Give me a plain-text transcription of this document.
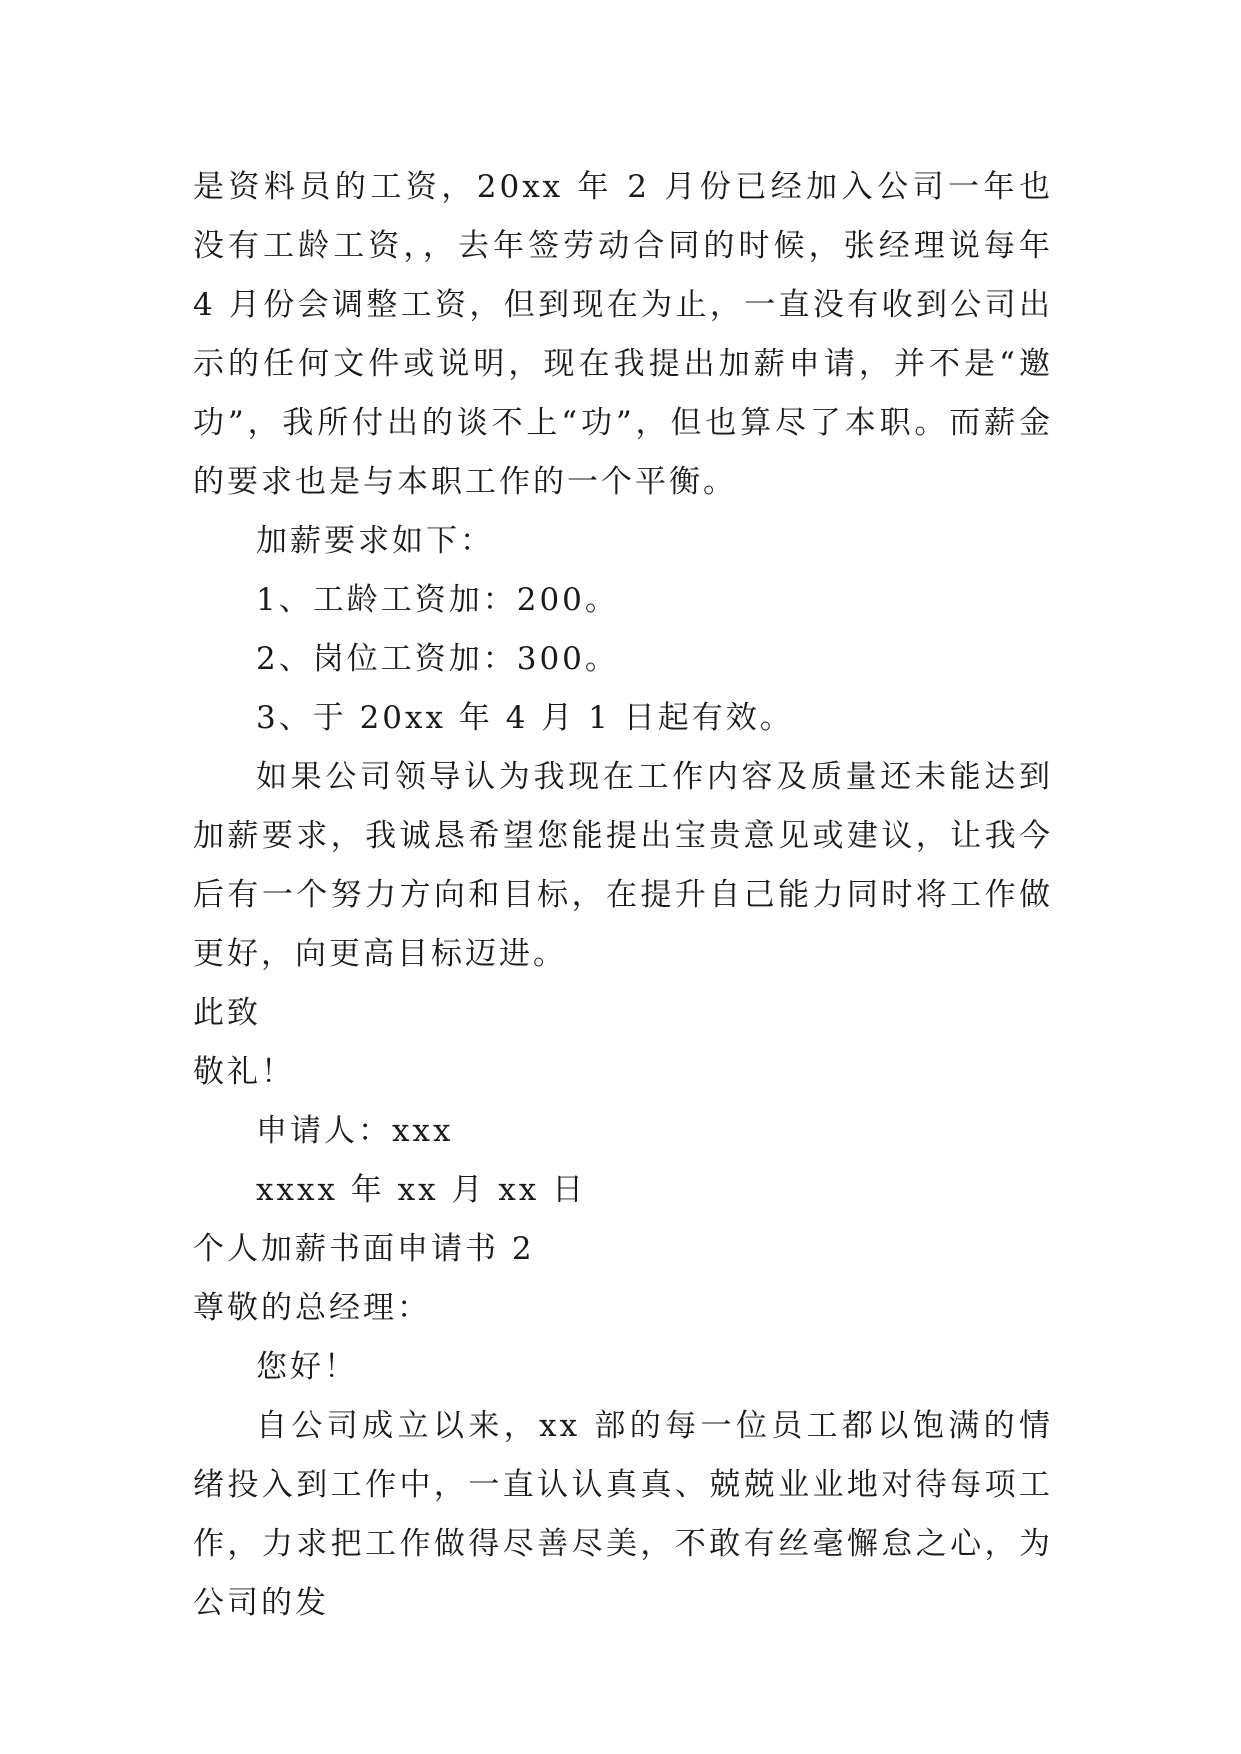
是资料员的工资，20xx 年 2 月份已经加入公司一年也没有工龄工资，，去年签劳动合同的时候，张经理说每年 4 月份会调整工资，但到现在为止，一直没有收到公司出示的任何文件或说明，现在我提出加薪申请，并不是“邀功”，我所付出的谈不上“功”，但也算尽了本职。而薪金的要求也是与本职工作的一个平衡。

加薪要求如下：

1、工龄工资加：200。

2、岗位工资加：300。

3、于 20xx 年 4 月 1 日起有效。

如果公司领导认为我现在工作内容及质量还未能达到加薪要求，我诚恳希望您能提出宝贵意见或建议，让我今后有一个努力方向和目标，在提升自己能力同时将工作做更好，向更高目标迈进。

此致

敬礼！

申请人：xxx

xxxx 年 xx 月 xx 日

个人加薪书面申请书 2

尊敬的总经理：

您好！

自公司成立以来，xx 部的每一位员工都以饱满的情绪投入到工作中，一直认认真真、兢兢业业地对待每项工作，力求把工作做得尽善尽美，不敢有丝毫懈怠之心，为公司的发
